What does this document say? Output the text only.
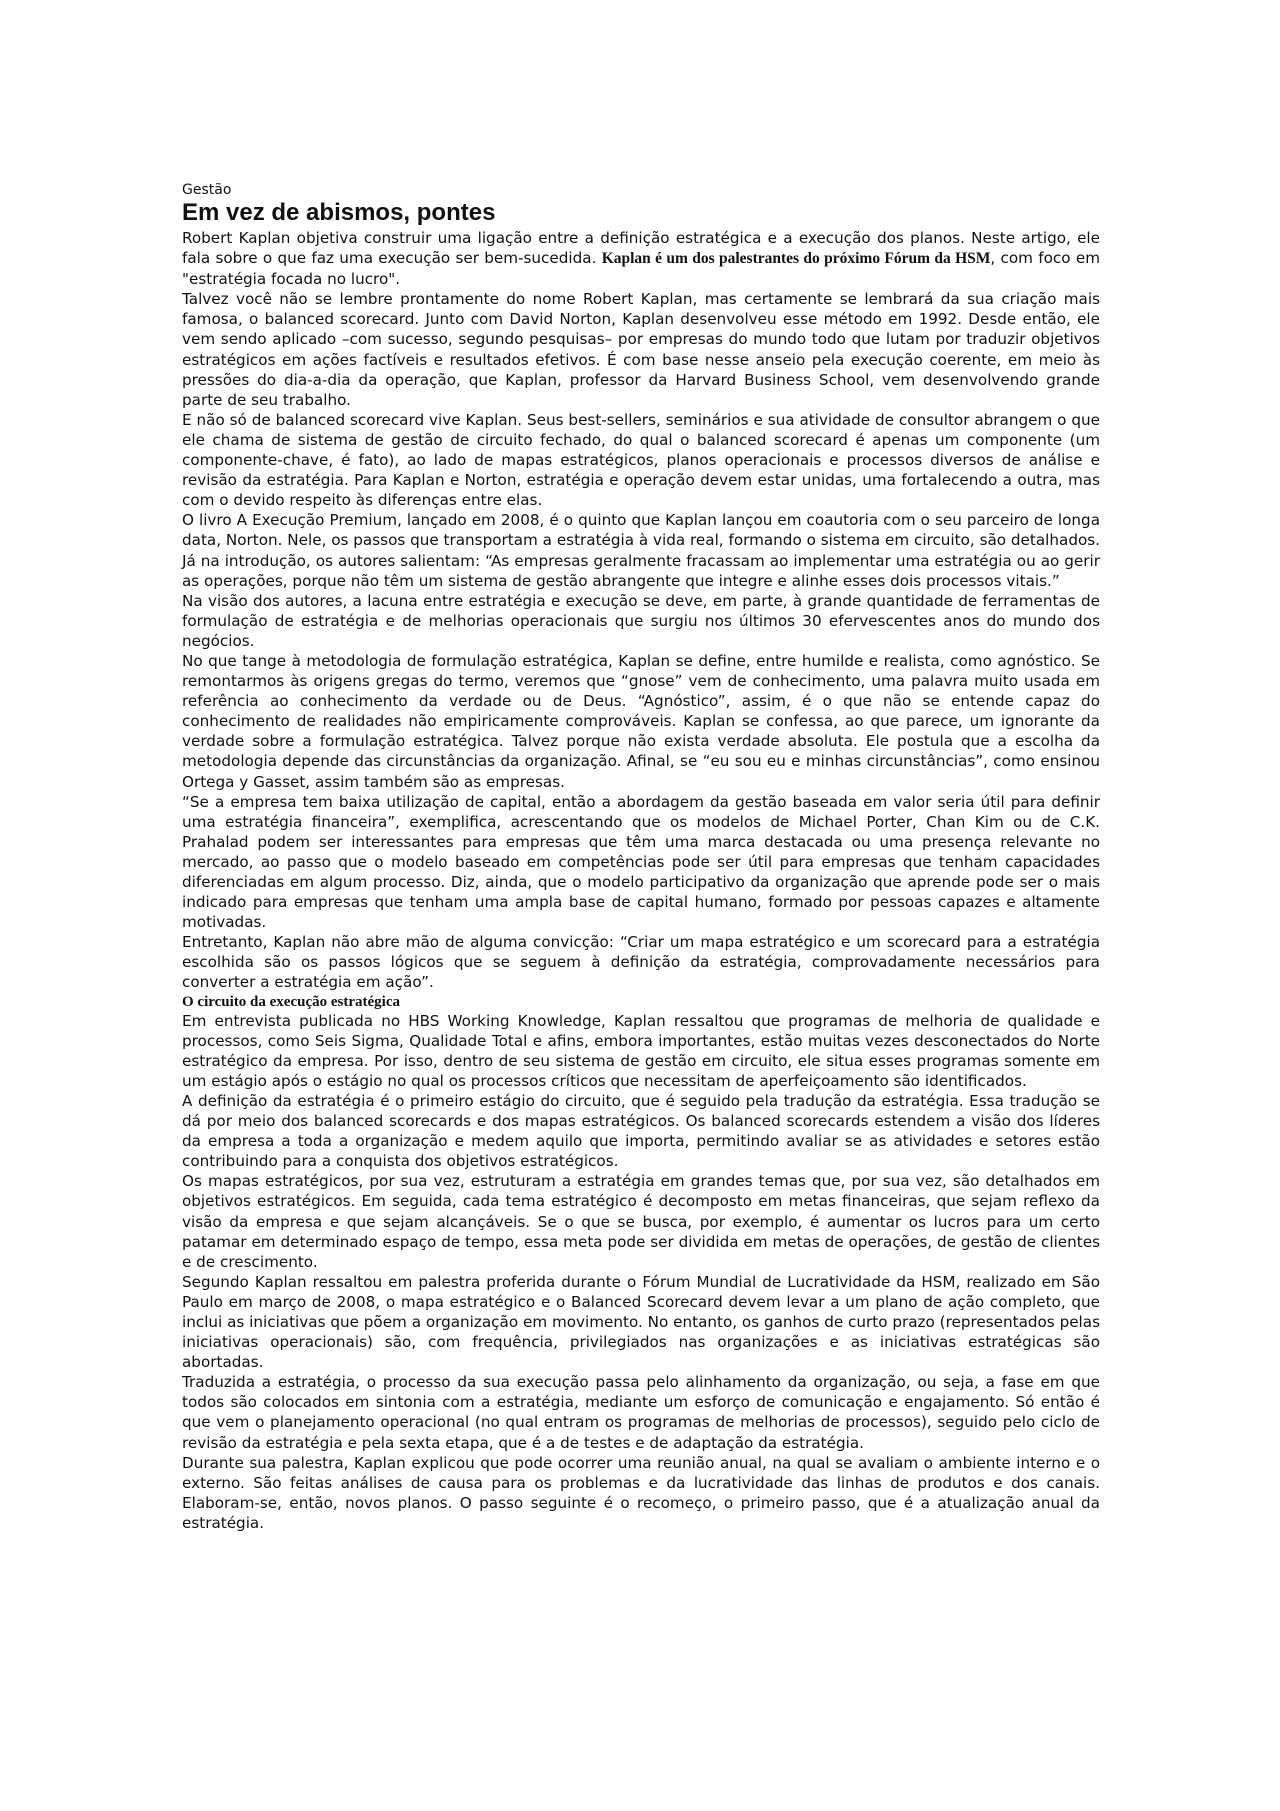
Gestão
Em vez de abismos, pontes

Robert Kaplan objetiva construir uma ligação entre a definição estratégica e a execução dos planos. Neste artigo, ele fala sobre o que faz uma execução ser bem-sucedida. Kaplan é um dos palestrantes do próximo Fórum da HSM, com foco em "estratégia focada no lucro".

Talvez você não se lembre prontamente do nome Robert Kaplan, mas certamente se lembrará da sua criação mais famosa, o balanced scorecard. Junto com David Norton, Kaplan desenvolveu esse método em 1992. Desde então, ele vem sendo aplicado –com sucesso, segundo pesquisas– por empresas do mundo todo que lutam por traduzir objetivos estratégicos em ações factíveis e resultados efetivos. É com base nesse anseio pela execução coerente, em meio às pressões do dia-a-dia da operação, que Kaplan, professor da Harvard Business School, vem desenvolvendo grande parte de seu trabalho.

E não só de balanced scorecard vive Kaplan. Seus best-sellers, seminários e sua atividade de consultor abrangem o que ele chama de sistema de gestão de circuito fechado, do qual o balanced scorecard é apenas um componente (um componente-chave, é fato), ao lado de mapas estratégicos, planos operacionais e processos diversos de análise e revisão da estratégia. Para Kaplan e Norton, estratégia e operação devem estar unidas, uma fortalecendo a outra, mas com o devido respeito às diferenças entre elas.

O livro A Execução Premium, lançado em 2008, é o quinto que Kaplan lançou em coautoria com o seu parceiro de longa data, Norton. Nele, os passos que transportam a estratégia à vida real, formando o sistema em circuito, são detalhados. Já na introdução, os autores salientam: “As empresas geralmente fracassam ao implementar uma estratégia ou ao gerir as operações, porque não têm um sistema de gestão abrangente que integre e alinhe esses dois processos vitais.”

Na visão dos autores, a lacuna entre estratégia e execução se deve, em parte, à grande quantidade de ferramentas de formulação de estratégia e de melhorias operacionais que surgiu nos últimos 30 efervescentes anos do mundo dos negócios.

No que tange à metodologia de formulação estratégica, Kaplan se define, entre humilde e realista, como agnóstico. Se remontarmos às origens gregas do termo, veremos que “gnose” vem de conhecimento, uma palavra muito usada em referência ao conhecimento da verdade ou de Deus. “Agnóstico”, assim, é o que não se entende capaz do conhecimento de realidades não empiricamente comprováveis. Kaplan se confessa, ao que parece, um ignorante da verdade sobre a formulação estratégica. Talvez porque não exista verdade absoluta. Ele postula que a escolha da metodologia depende das circunstâncias da organização. Afinal, se “eu sou eu e minhas circunstâncias”, como ensinou Ortega y Gasset, assim também são as empresas.

“Se a empresa tem baixa utilização de capital, então a abordagem da gestão baseada em valor seria útil para definir uma estratégia financeira”, exemplifica, acrescentando que os modelos de Michael Porter, Chan Kim ou de C.K. Prahalad podem ser interessantes para empresas que têm uma marca destacada ou uma presença relevante no mercado, ao passo que o modelo baseado em competências pode ser útil para empresas que tenham capacidades diferenciadas em algum processo. Diz, ainda, que o modelo participativo da organização que aprende pode ser o mais indicado para empresas que tenham uma ampla base de capital humano, formado por pessoas capazes e altamente motivadas.

Entretanto, Kaplan não abre mão de alguma convicção: “Criar um mapa estratégico e um scorecard para a estratégia escolhida são os passos lógicos que se seguem à definição da estratégia, comprovadamente necessários para converter a estratégia em ação”.

O circuito da execução estratégica

Em entrevista publicada no HBS Working Knowledge, Kaplan ressaltou que programas de melhoria de qualidade e processos, como Seis Sigma, Qualidade Total e afins, embora importantes, estão muitas vezes desconectados do Norte estratégico da empresa. Por isso, dentro de seu sistema de gestão em circuito, ele situa esses programas somente em um estágio após o estágio no qual os processos críticos que necessitam de aperfeiçoamento são identificados.

A definição da estratégia é o primeiro estágio do circuito, que é seguido pela tradução da estratégia. Essa tradução se dá por meio dos balanced scorecards e dos mapas estratégicos. Os balanced scorecards estendem a visão dos líderes da empresa a toda a organização e medem aquilo que importa, permitindo avaliar se as atividades e setores estão contribuindo para a conquista dos objetivos estratégicos.

Os mapas estratégicos, por sua vez, estruturam a estratégia em grandes temas que, por sua vez, são detalhados em objetivos estratégicos. Em seguida, cada tema estratégico é decomposto em metas financeiras, que sejam reflexo da visão da empresa e que sejam alcançáveis. Se o que se busca, por exemplo, é aumentar os lucros para um certo patamar em determinado espaço de tempo, essa meta pode ser dividida em metas de operações, de gestão de clientes e de crescimento.

Segundo Kaplan ressaltou em palestra proferida durante o Fórum Mundial de Lucratividade da HSM, realizado em São Paulo em março de 2008, o mapa estratégico e o Balanced Scorecard devem levar a um plano de ação completo, que inclui as iniciativas que põem a organização em movimento. No entanto, os ganhos de curto prazo (representados pelas iniciativas operacionais) são, com frequência, privilegiados nas organizações e as iniciativas estratégicas são abortadas.

Traduzida a estratégia, o processo da sua execução passa pelo alinhamento da organização, ou seja, a fase em que todos são colocados em sintonia com a estratégia, mediante um esforço de comunicação e engajamento. Só então é que vem o planejamento operacional (no qual entram os programas de melhorias de processos), seguido pelo ciclo de revisão da estratégia e pela sexta etapa, que é a de testes e de adaptação da estratégia.

Durante sua palestra, Kaplan explicou que pode ocorrer uma reunião anual, na qual se avaliam o ambiente interno e o externo. São feitas análises de causa para os problemas e da lucratividade das linhas de produtos e dos canais. Elaboram-se, então, novos planos. O passo seguinte é o recomeço, o primeiro passo, que é a atualização anual da estratégia.
